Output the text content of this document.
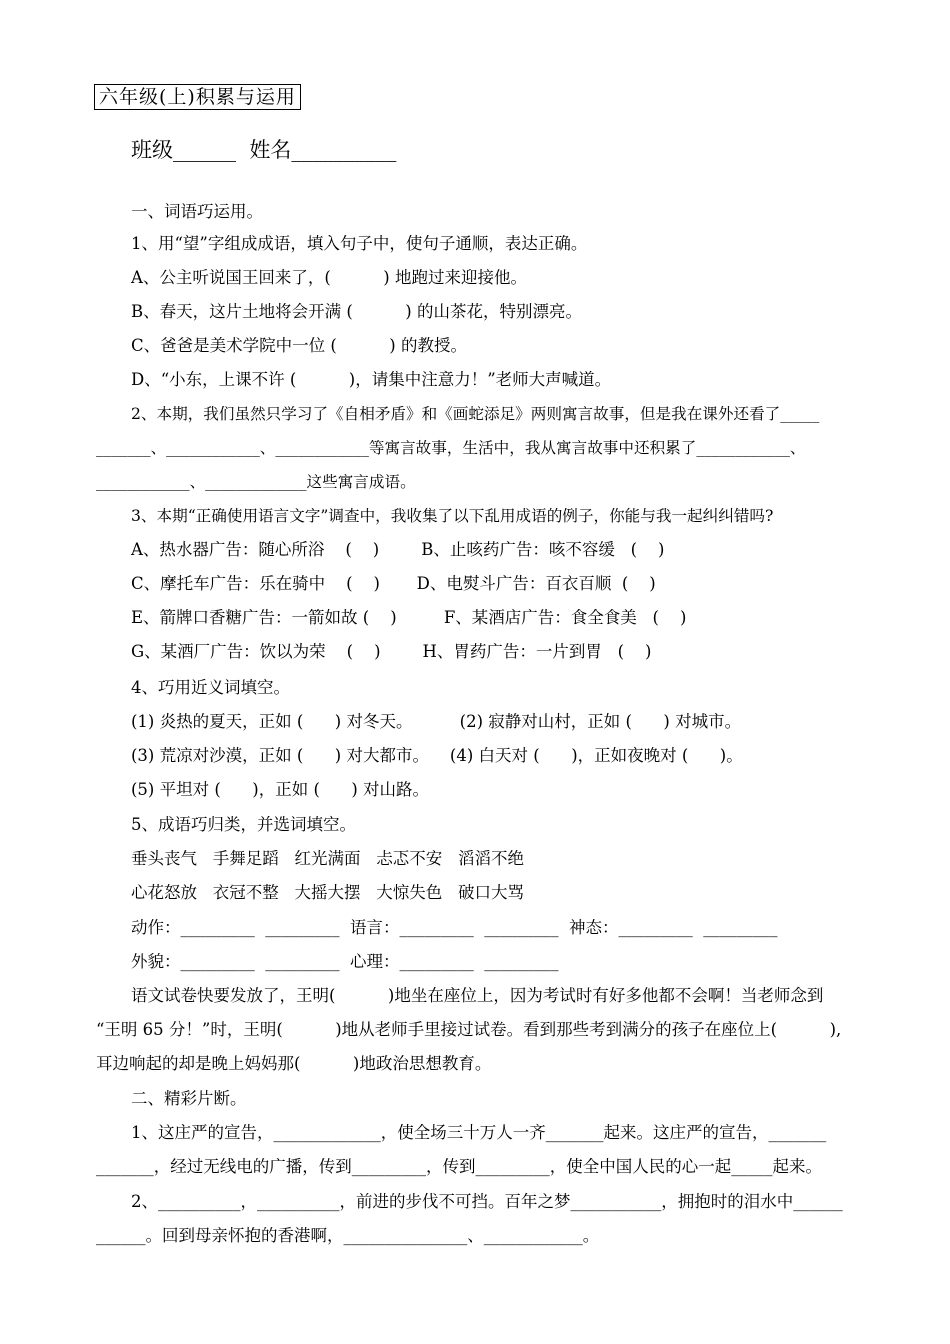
六年级(上)积累与运用
班级______  姓名__________
一、词语巧运用。
1、用“望”字组成成语，填入句子中，使句子通顺，表达正确。
A、公主听说国王回来了，(          ) 地跑过来迎接他。
B、春天，这片土地将会开满 (          ) 的山茶花，特别漂亮。
C、爸爸是美术学院中一位 (          ) 的教授。
D、“小东，上课不许 (          )，请集中注意力！”老师大声喊道。
2、本期，我们虽然只学习了《自相矛盾》和《画蛇添足》两则寓言故事，但是我在课外还看了_____
_______、____________、____________等寓言故事，生活中，我从寓言故事中还积累了____________、
____________、_____________这些寓言成语。
3、本期“正确使用语言文字”调查中，我收集了以下乱用成语的例子，你能与我一起纠纠错吗?
A、热水器广告：随心所浴    (    )        B、止咳药广告：咳不容缓   (    )
C、摩托车广告：乐在骑中    (    )       D、电熨斗广告：百衣百顺  (    )
E、箭牌口香糖广告：一箭如故 (    )         F、某酒店广告：食全食美   (    )
G、某酒厂广告：饮以为荣    (    )        H、胃药广告：一片到胃   (    )
4、巧用近义词填空。
(1) 炎热的夏天，正如 (      ) 对冬天。         (2) 寂静对山村，正如 (      ) 对城市。
(3) 荒凉对沙漠，正如 (      ) 对大都市。    (4) 白天对 (      )，正如夜晚对 (      )。
(5) 平坦对 (      )，正如 (      ) 对山路。
5、成语巧归类，并选词填空。
垂头丧气   手舞足蹈   红光满面   忐忑不安   滔滔不绝
心花怒放   衣冠不整   大摇大摆   大惊失色   破口大骂
动作：_________  _________  语言：_________  _________  神态：_________  _________
外貌：_________  _________  心理：_________  _________
语文试卷快要发放了，王明(          )地坐在座位上，因为考试时有好多他都不会啊！当老师念到
“王明 65 分！”时，王明(          )地从老师手里接过试卷。看到那些考到满分的孩子在座位上(          ),
耳边响起的却是晚上妈妈那(          )地政治思想教育。
二、精彩片断。
1、这庄严的宣告，_____________，使全场三十万人一齐_______起来。这庄严的宣告，_______
_______，经过无线电的广播，传到_________，传到_________，使全中国人民的心一起_____起来。
2、__________，__________，前进的步伐不可挡。百年之梦___________，拥抱时的泪水中______
______。回到母亲怀抱的香港啊，_______________、____________。
